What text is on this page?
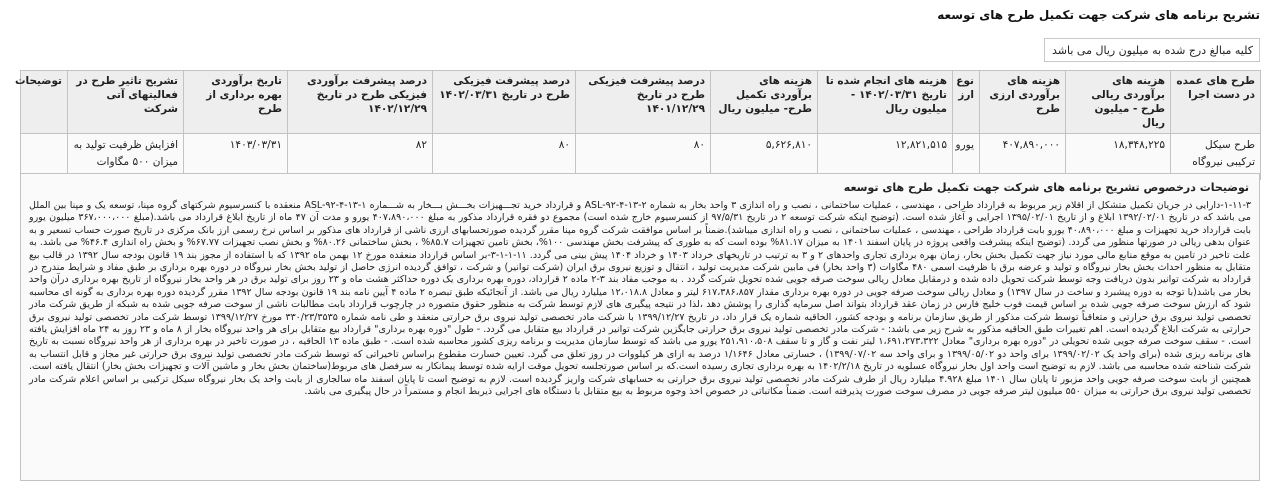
تشریح برنامه های شرکت جهت تکمیل طرح های توسعه
کلیه مبالغ درج شده به میلیون ریال می باشد
طرح های عمده در دست اجرا	هزینه های برآوردی ریالی طرح - میلیون ریال	هزینه های برآوردی ارزی طرح	نوع ارز	هزینه های انجام شده تا تاریخ ۱۴۰۲/۰۳/۳۱ - میلیون ریال	هزینه های برآوردی تکمیل طرح- میلیون ریال	درصد پیشرفت فیزیکی طرح در تاریخ ۱۴۰۱/۱۲/۲۹	درصد پیشرفت فیزیکی طرح در تاریخ ۱۴۰۲/۰۳/۳۱	درصد پیشرفت برآوردی فیزیکی طرح در تاریخ ۱۴۰۲/۱۲/۲۹	تاریخ برآوردی بهره برداری از طرح	تشریح تاثیر طرح در فعالیتهای آتی شرکت	توضیحات
طرح سیکل ترکیبی نیروگاه	۱۸,۳۴۸,۲۲۵	۴۰۷,۸۹۰,۰۰۰	یورو	۱۲,۸۲۱,۵۱۵	۵,۶۲۶,۸۱۰	۸۰	۸۰	۸۲	۱۴۰۳/۰۳/۳۱	افزایش ظرفیت تولید به میزان ۵۰۰ مگاوات	
توضیحات درخصوص تشریح برنامه های شرکت جهت تکمیل طرح های توسعه
۱-۱۱-۳-دارایی در جریان تکمیل متشکل از اقلام زیر مربوط به قرارداد طراحی ، مهندسی ، عملیات ساختمانی ، نصب و راه اندازی ۳ واحد بخار به شماره ۲-۱۳-۴-ASL-۹۲ و قرارداد خرید تجـــهیزات بخـــش بـــخار به شـــماره ۱-۱۳-۴-ASL-۹۲ منعقده با کنسرسیوم شرکتهای گروه مپنا، توسعه یک و مپنا بین الملل می باشد که در تاریخ ۱۳۹۲/۰۲/۰۱ ابلاغ و از تاریخ ۱۳۹۵/۰۲/۰۱ اجرایی و آغاز شده است. (توضیح اینکه شرکت توسعه ۲ در تاریخ ۹۷/۵/۳۱ از کنسرسیوم خارج شده است) مجموع دو فقره قرارداد مذکور به مبلغ ۴۰۷،۸۹۰،۰۰۰ یورو و مدت آن ۴۷ ماه از تاریخ ابلاغ قرارداد می باشد.(مبلغ ۳۶۷،۰۰۰،۰۰۰ میلیون یورو بابت قرارداد خرید تجهیزات و مبلغ ۴۰،۸۹۰،۰۰۰ یورو بابت قرارداد طراحی ، مهندسی ، عملیات ساختمانی ، نصب و راه اندازی میباشد).ضمناً بر اساس موافقت شرکت گروه مپنا مقرر گردیده صورتحسابهای ارزی ناشی از قرارداد های مذکور بر اساس نرخ رسمی ارز بانک مرکزی در تاریخ صورت حساب تسعیر و به عنوان بدهی ریالی در صورتها منظور می گردد. (توضیح اینکه پیشرفت واقعی پروژه در پایان اسفند ۱۴۰۱ به میزان ۸۱.۱۷% بوده است که به طوری که پیشرفت بخش مهندسی ۱۰۰%، بخش تامین تجهیزات ۸۵.۷% ، بخش ساختمانی ۸۰.۲۶% و بخش نصب تجهیزات ۶۷.۷۷% و بخش راه اندازی ۴۶.۴% می باشد. به علت تاخیر در تامین به موقع منابع مالی مورد نیاز جهت تکمیل بخش بخار، زمان بهره برداری تجاری واحدهای ۲ و ۳ به ترتیب در تاریخهای خرداد ۱۴۰۳ و خرداد ۱۴۰۴ پیش بینی می گردد. ۱۱-۱-۱-۳-بر اساس قرارداد منعقده مورخ ۱۲ بهمن ماه ۱۳۹۲ که با استفاده از مجوز بند ۱۹ قانون بودجه سال ۱۳۹۲ در قالب بیع متقابل به منظور احداث بخش بخار نیروگاه و تولید و عرضه برق با ظرفیت اسمی ۴۸۰ مگاوات (۳ واحد بخار) فی مابین شرکت مدیریت تولید ، انتقال و توزیع نیروی برق ایران (شرکت توانیر) و شرکت ، توافق گردیده انرژی حاصل از تولید بخش بخار نیروگاه در دوره بهره برداری بر طبق مفاد و شرایط مندرج در قرارداد به شرکت توانیر بدون دریافت وجه توسط شرکت تحویل داده شده و درمقابل معادل ریالی سوخت صرفه جویی شده تحویل شرکت گردد . به موجب مفاد بند ۳-۲ ماده ۲ قرارداد، دوره بهره برداری یک دوره حداکثر هشت ماه و ۲۳ روز برای تولید برق در هر واحد بخار نیروگاه از تاریخ بهره برداری درآن واحد بخار می باشد(با توجه به دوره پیشبرد و ساخت در سال ۱۳۹۷) و معادل ریالی سوخت صرفه جویی در دوره بهره برداری مقدار ۶۱۷،۳۸۶،۸۵۷ لیتر و معادل ۱۲،۰۱۸.۸ میلیارد ریال می باشد. از آنجائیکه طبق تبصره ۲ ماده ۴ آیین نامه بند ۱۹ قانون بودجه سال ۱۳۹۲ مقرر گردیده دوره بهره برداری به گونه ای محاسبه شود که ارزش سوخت صرفه جویی شده بر اساس قیمت فوب خلیج فارس در زمان عقد قرارداد بتواند اصل سرمایه گذاری را پوشش دهد ،لذا در نتیجه پیگیری های لازم توسط شرکت به منظور حقوق متصوره در چارچوب قرارداد بابت مطالبات ناشی از سوخت صرفه جویی شده به شبکه از طریق شرکت مادر تخصصی تولید نیروی برق حرارتی و متعاقباً توسط شرکت مذکور از طریق سازمان برنامه و بودجه کشور، الحاقیه شماره یک قرار داد، در تاریخ ۱۳۹۹/۱۲/۲۷ با شرکت مادر تخصصی تولید نیروی برق حرارتی منعقد و طی نامه شماره ۳۳۰/۲۳/۳۵۳۵ مورخ ۱۳۹۹/۱۲/۲۷ توسط شرکت مادر تخصصی تولید نیروی برق حرارتی به شرکت ابلاغ گردیده است. اهم تغییرات طبق الحاقیه مذکور به شرح زیر می باشد: - شرکت مادر تخصصی تولید نیروی برق حرارتی جایگزین شرکت توانیر در قرارداد بیع متقابل می گردد. - طول "دوره بهره برداری" قرارداد بیع متقابل برای هر واحد نیروگاه بخار از ۸ ماه و ۲۳ روز به ۲۴ ماه افزایش یافته است. - سقف سوخت صرفه جویی شده تحویلی در "دوره بهره برداری" معادل ۱،۶۹۱،۲۷۳،۳۲۲ لیتر نفت و گاز و تا سقف ۲۵۱،۹۱۰،۵۰۸ یورو می باشد که توسط سازمان مدیریت و برنامه ریزی کشور محاسبه شده است. - طبق ماده ۱۳ الحاقیه ، در صورت تاخیر در بهره برداری از هر واحد نیروگاه نسبت به تاریخ های برنامه ریزی شده (برای واحد یک ۱۳۹۹/۰۲/۰۲ برای واحد دو ۱۳۹۹/۰۵/۰۲ و برای واحد سه ۱۳۹۹/۰۷/۰۲) ، خسارتی معادل ۱/۱۶۴۶ درصد به ازای هر کیلووات در روز تعلق می گیرد. تعیین خسارت مقطوع براساس تاخیراتی که توسط شرکت مادر تخصصی تولید نیروی برق حرارتی غیر مجاز و قابل انتساب به شرکت شناخته شده محاسبه می باشد. لازم به توضیح است واحد اول بخار نیروگاه عسلویه در تاریخ ۱۴۰۲/۲/۱۸ به بهره برداری تجاری رسیده است.که بر اساس صورتجلسه تحویل موقت ارایه شده توسط پیمانکار به سرفصل های مربوط(ساختمان بخش بخار و ماشین آلات و تجهیزات بخش بخار) انتقال یافته است. همچنین از بابت سوخت صرفه جویی واحد مزبور تا پایان سال ۱۴۰۱ مبلغ ۴.۹۲۸ میلیارد ریال از طرف شرکت مادر تخصصی تولید نیروی برق حرارتی به حسابهای شرکت واریز گردیده است. لازم به توضیح است تا پایان اسفند ماه سالجاری از بابت واحد یک بخار نیروگاه سیکل ترکیبی بر اساس اعلام شرکت مادر تخصصی تولید نیروی برق حرارتی به میزان ۵۵۰ میلیون لیتر صرفه جویی در مصرف سوخت صورت پذیرفته است. ضمناً مکاتباتی در خصوص اخذ وجوه مربوط به بیع متقابل با دستگاه های اجرایی ذیربط انجام و مستمراً در حال پیگیری می باشد.
